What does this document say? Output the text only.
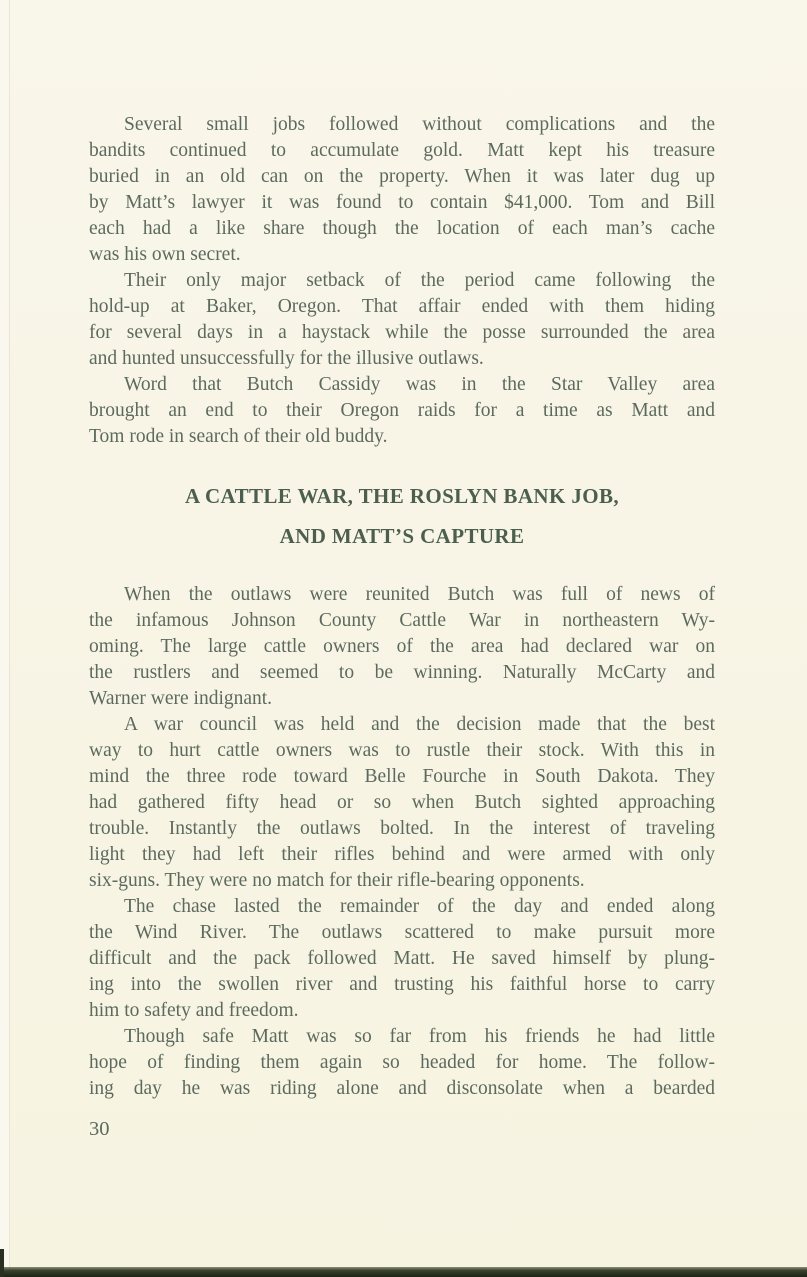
Several small jobs followed without complications and the
bandits continued to accumulate gold. Matt kept his treasure
buried in an old can on the property. When it was later dug up
by Matt’s lawyer it was found to contain $41,000. Tom and Bill
each had a like share though the location of each man’s cache
was his own secret.
Their only major setback of the period came following the
hold-up at Baker, Oregon. That affair ended with them hiding
for several days in a haystack while the posse surrounded the area
and hunted unsuccessfully for the illusive outlaws.
Word that Butch Cassidy was in the Star Valley area
brought an end to their Oregon raids for a time as Matt and
Tom rode in search of their old buddy.
A CATTLE WAR, THE ROSLYN BANK JOB,
AND MATT’S CAPTURE
When the outlaws were reunited Butch was full of news of
the infamous Johnson County Cattle War in northeastern Wy-
oming. The large cattle owners of the area had declared war on
the rustlers and seemed to be winning. Naturally McCarty and
Warner were indignant.
A war council was held and the decision made that the best
way to hurt cattle owners was to rustle their stock. With this in
mind the three rode toward Belle Fourche in South Dakota. They
had gathered fifty head or so when Butch sighted approaching
trouble. Instantly the outlaws bolted. In the interest of traveling
light they had left their rifles behind and were armed with only
six-guns. They were no match for their rifle-bearing opponents.
The chase lasted the remainder of the day and ended along
the Wind River. The outlaws scattered to make pursuit more
difficult and the pack followed Matt. He saved himself by plung-
ing into the swollen river and trusting his faithful horse to carry
him to safety and freedom.
Though safe Matt was so far from his friends he had little
hope of finding them again so headed for home. The follow-
ing day he was riding alone and disconsolate when a bearded
30
